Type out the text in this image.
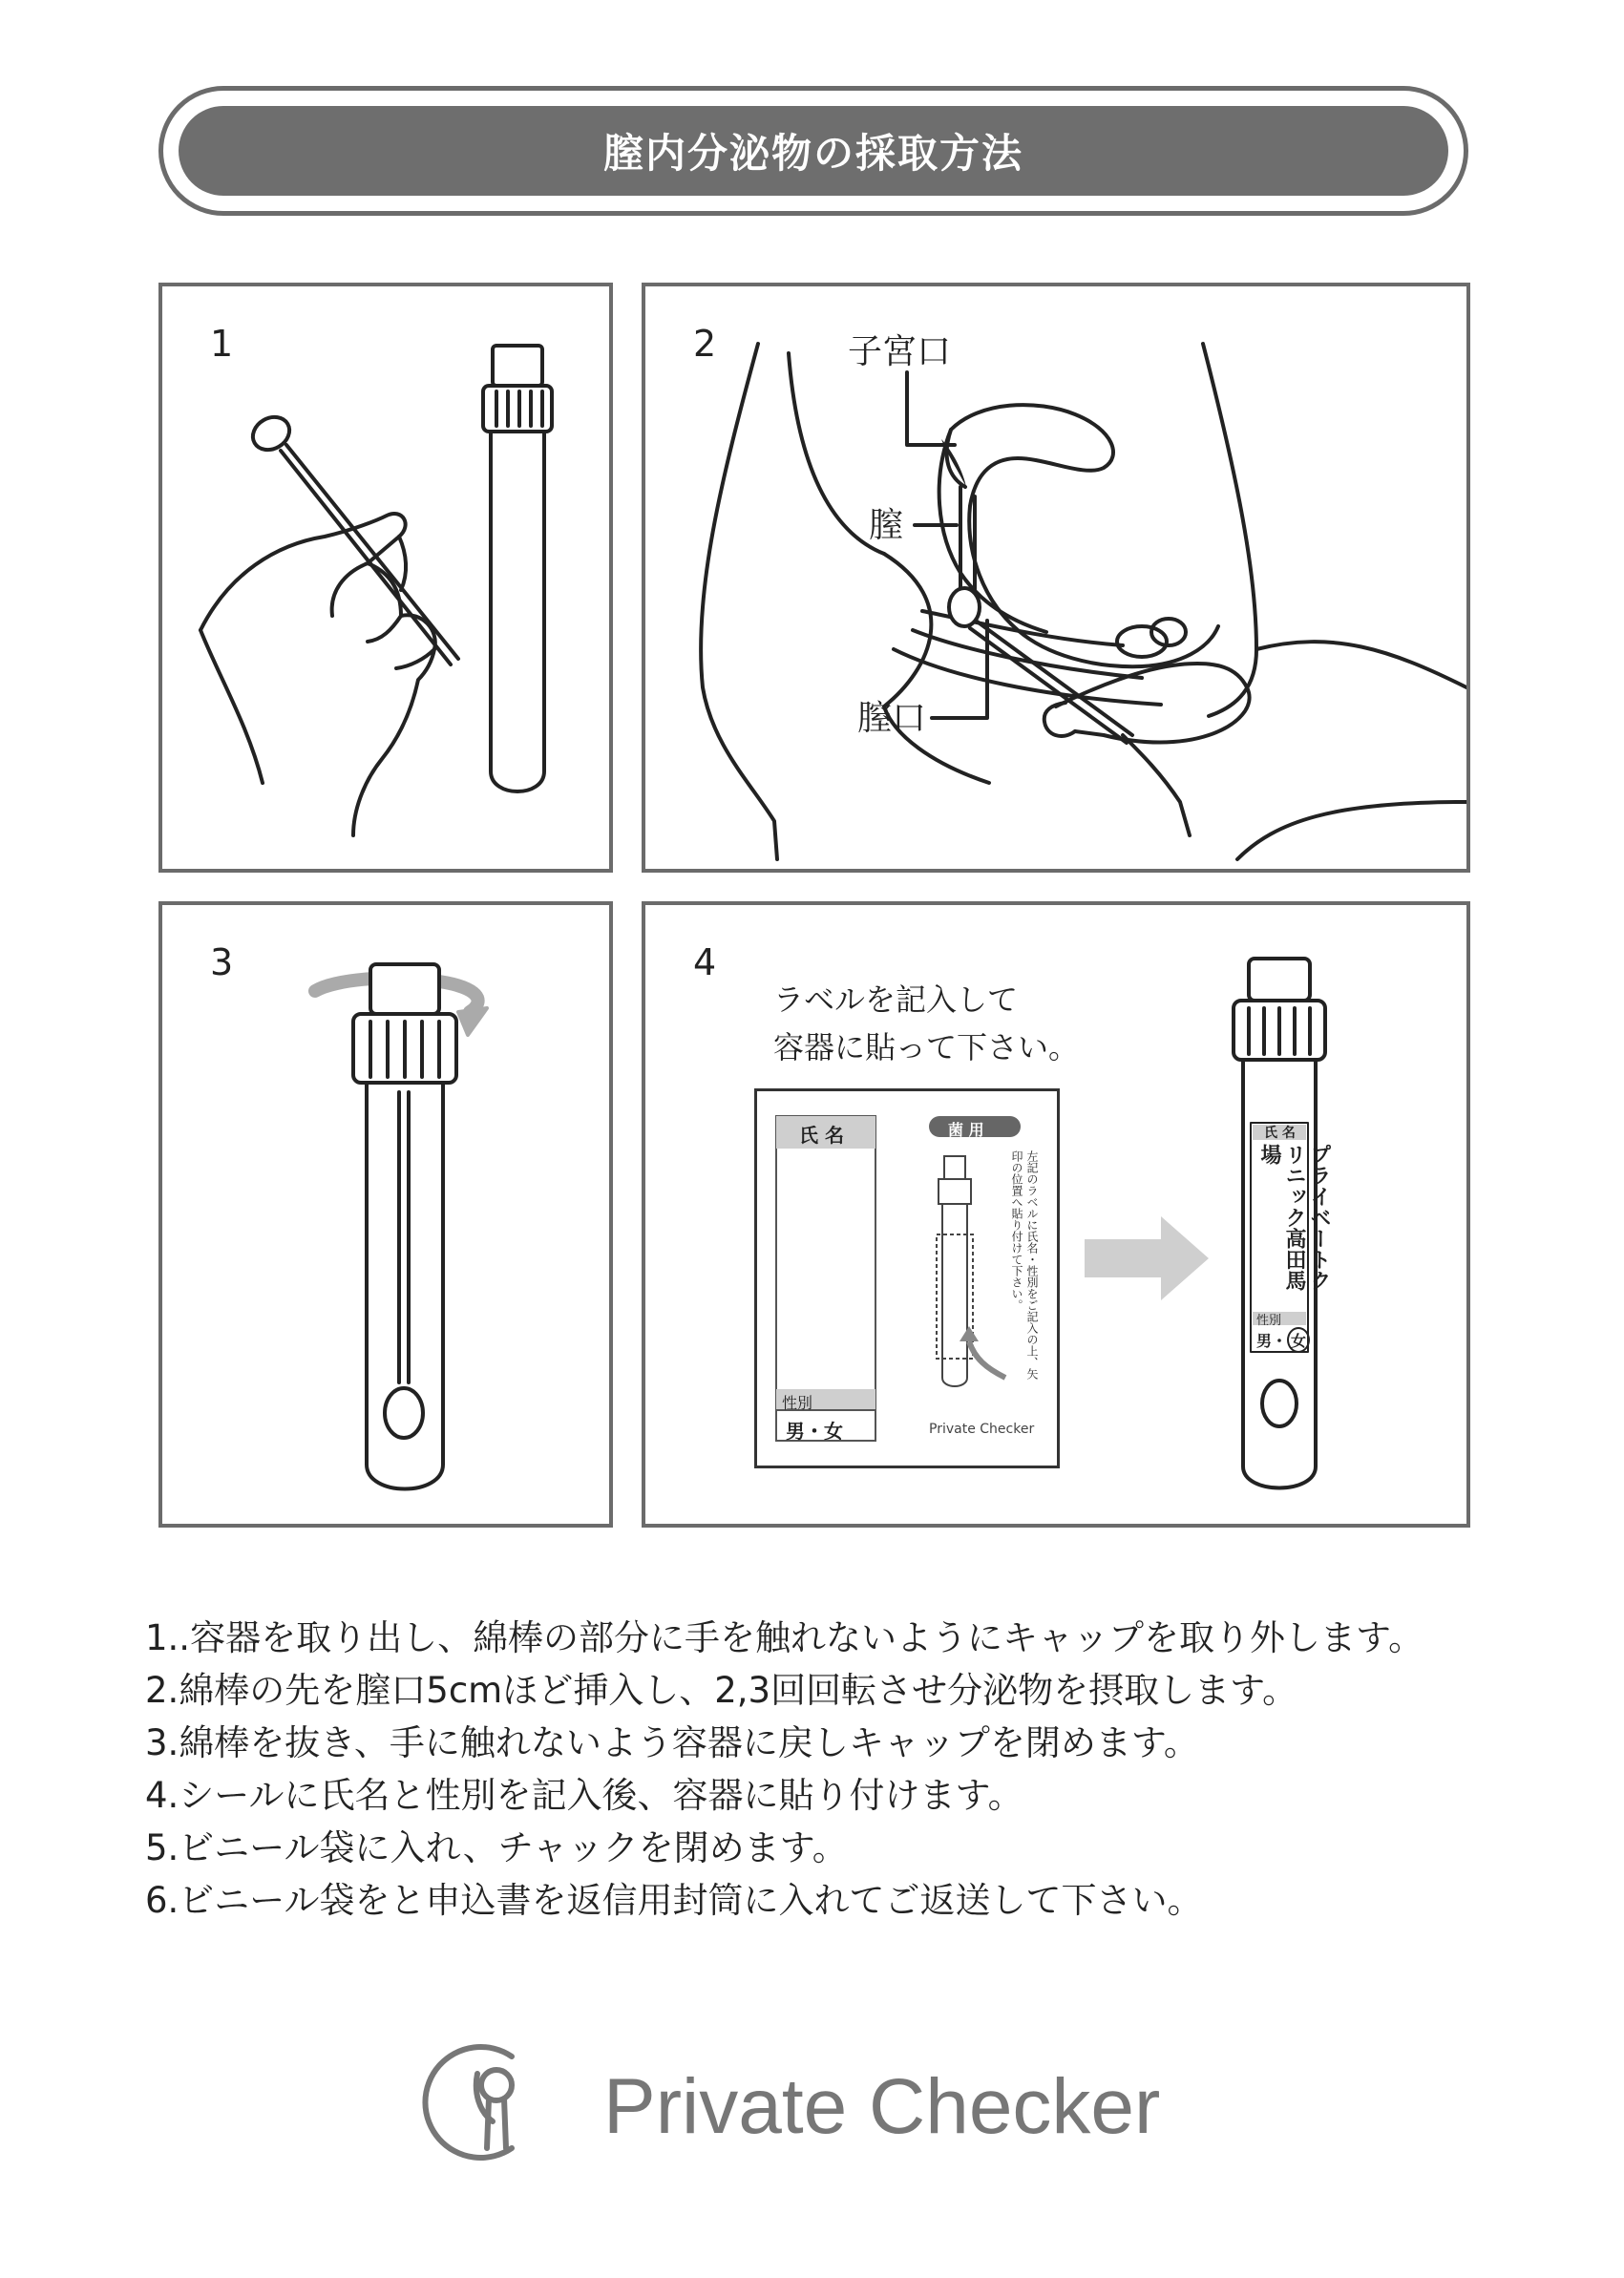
膣内分泌物の採取方法
1	2	子宮口
膣
膣口
3	4
ラベルを記入して
容器に貼って下さい。
氏 名
性別
男・女
菌 用
左記のラベルに氏名・性別をご記入の上、矢印の位置へ貼り付けて下さい。
Private Checker
氏 名
プライベートクリニック高田馬場
性別
男・ 女
1..容器を取り出し、綿棒の部分に手を触れないようにキャップを取り外します。
2.綿棒の先を膣口5cmほど挿入し、2,3回回転させ分泌物を摂取します。
3.綿棒を抜き、手に触れないよう容器に戻しキャップを閉めます。
4.シールに氏名と性別を記入後、容器に貼り付けます。
5.ビニール袋に入れ、チャックを閉めます。
6.ビニール袋をと申込書を返信用封筒に入れてご返送して下さい。
Private Checker
